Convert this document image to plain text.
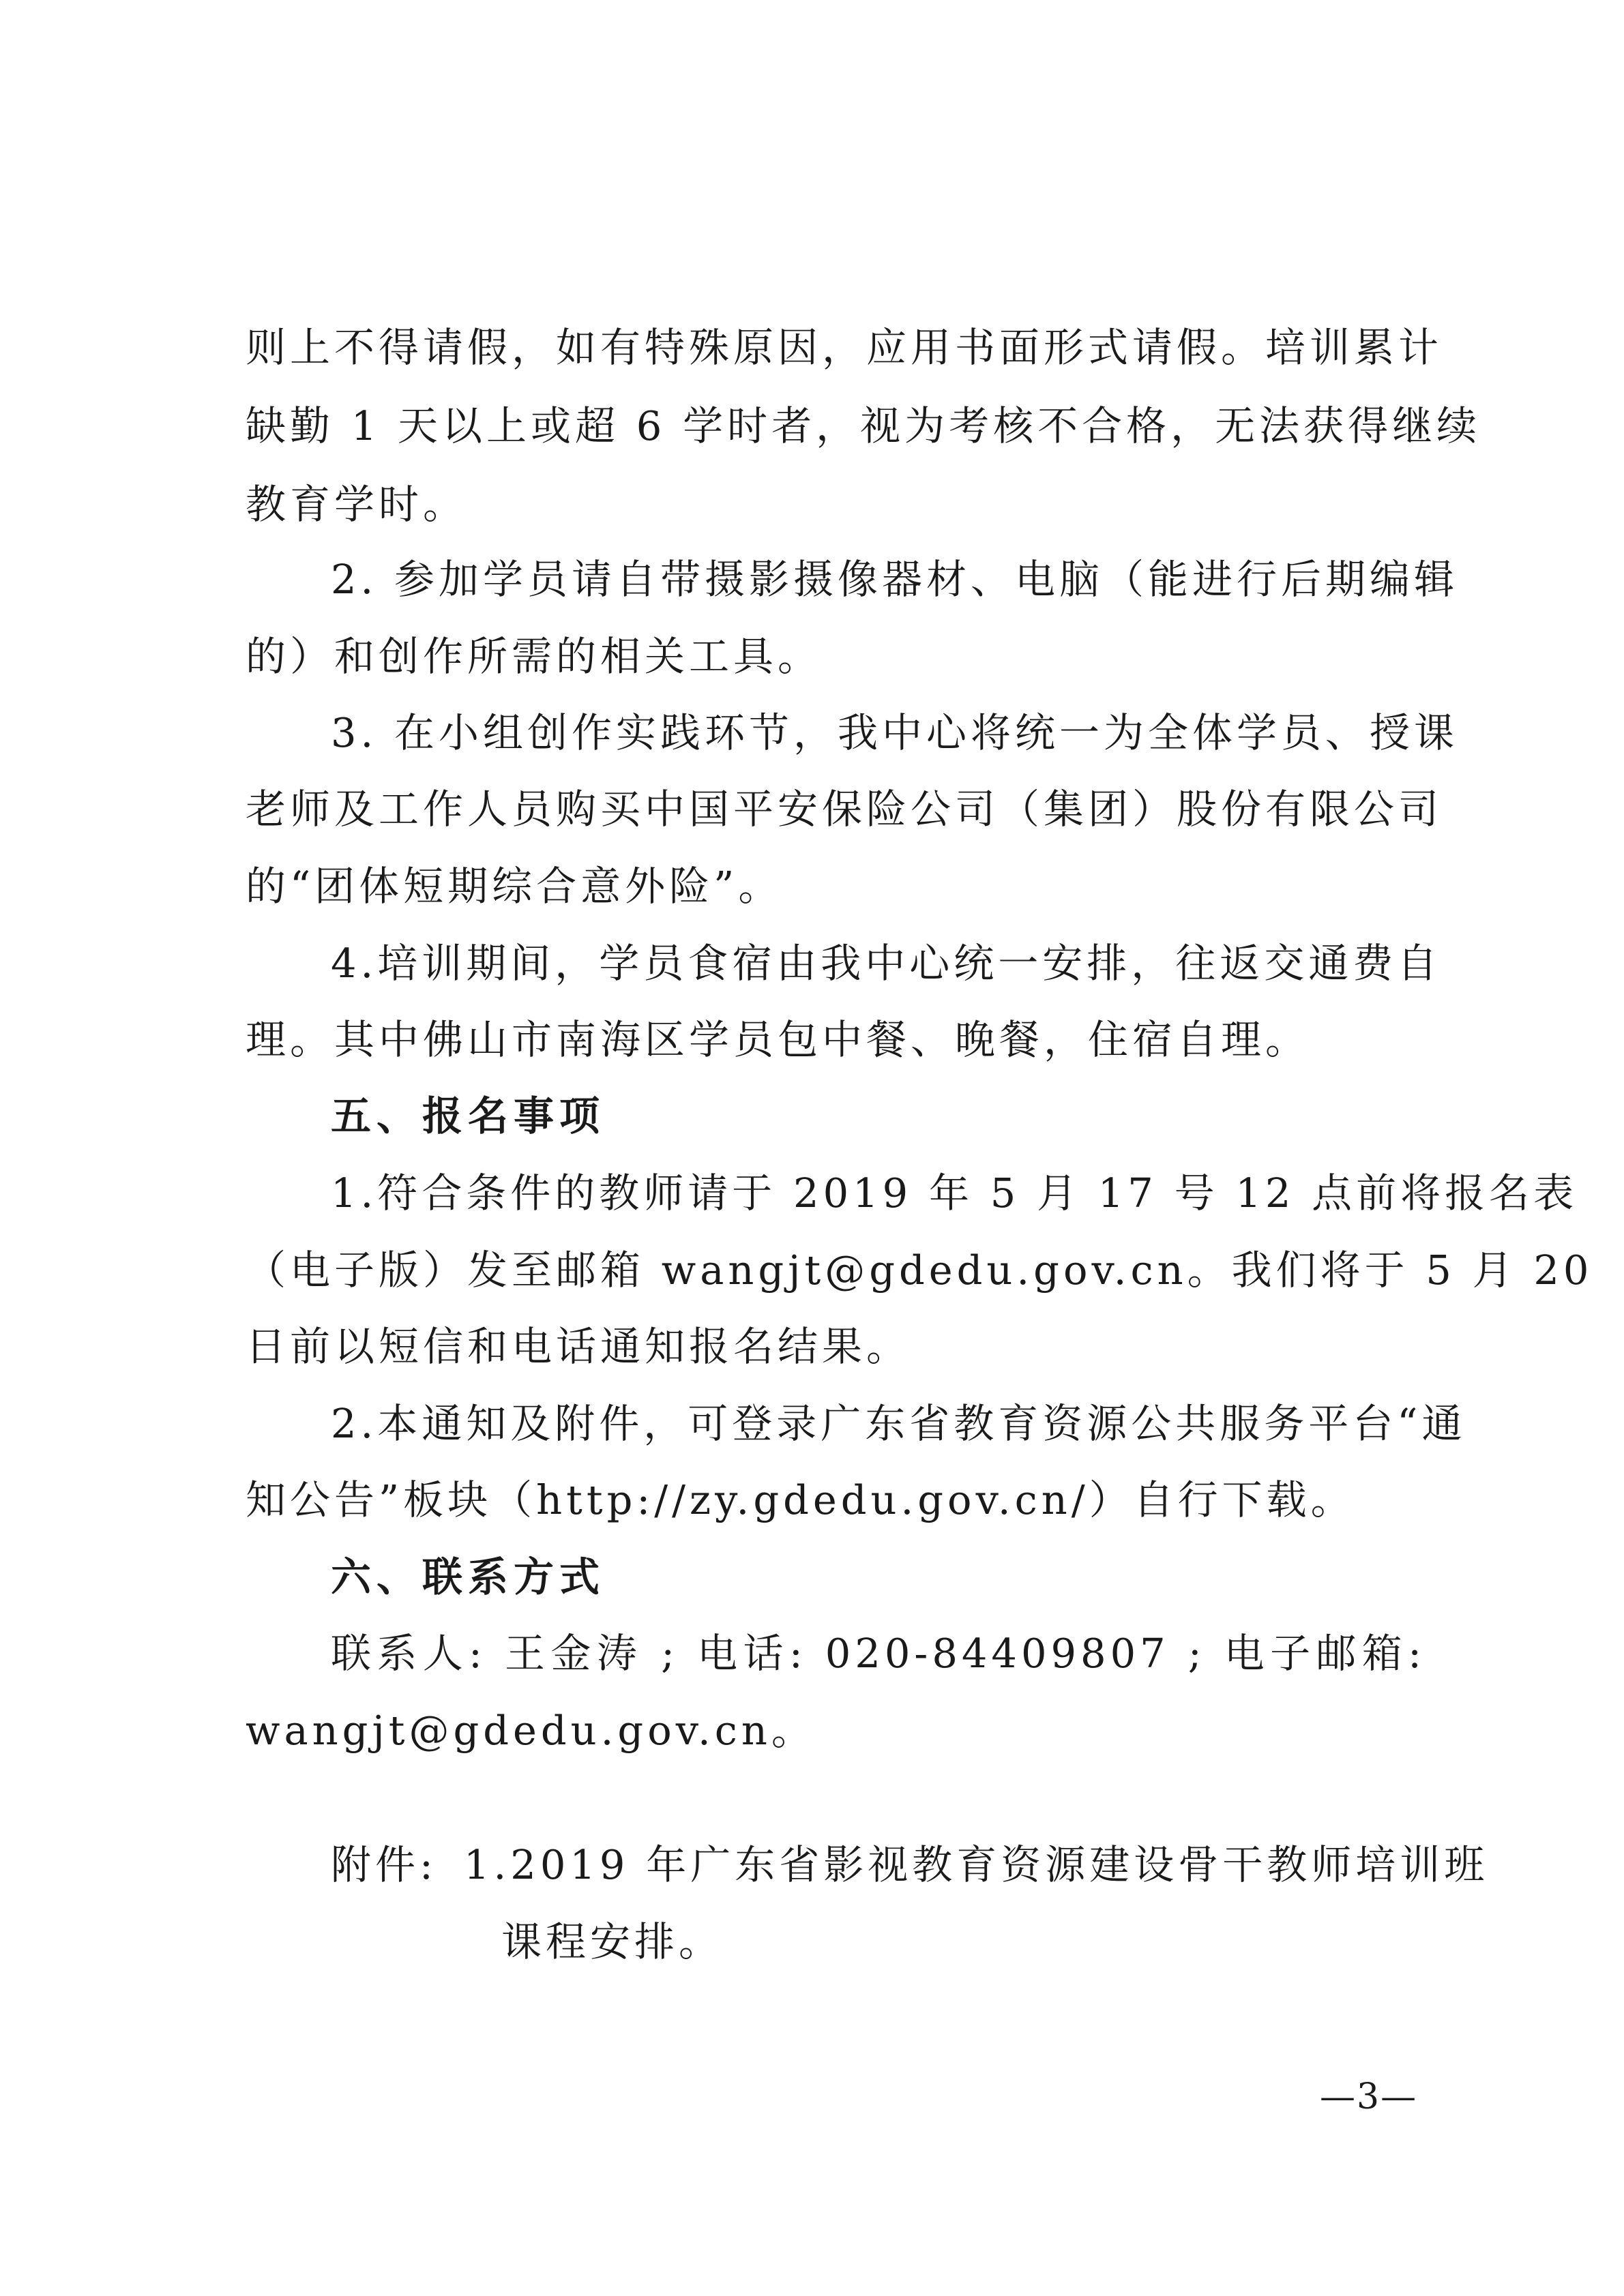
则上不得请假，如有特殊原因，应用书面形式请假。培训累计
缺勤 1 天以上或超 6 学时者，视为考核不合格，无法获得继续
教育学时。
2. 参加学员请自带摄影摄像器材、电脑（能进行后期编辑
的）和创作所需的相关工具。
3. 在小组创作实践环节，我中心将统一为全体学员、授课
老师及工作人员购买中国平安保险公司（集团）股份有限公司
的“团体短期综合意外险”。
4.培训期间，学员食宿由我中心统一安排，往返交通费自
理。其中佛山市南海区学员包中餐、晚餐，住宿自理。
五、报名事项
1.符合条件的教师请于 2019 年 5 月 17 号 12 点前将报名表
（电子版）发至邮箱 wangjt@gdedu.gov.cn。我们将于 5 月 20
日前以短信和电话通知报名结果。
2.本通知及附件，可登录广东省教育资源公共服务平台“通
知公告”板块（http://zy.gdedu.gov.cn/）自行下载。
六、联系方式
联系人: 王金涛 ; 电话: 020-84409807 ; 电子邮箱:
wangjt@gdedu.gov.cn。
附件: 1.2019 年广东省影视教育资源建设骨干教师培训班
课程安排。
—3—
